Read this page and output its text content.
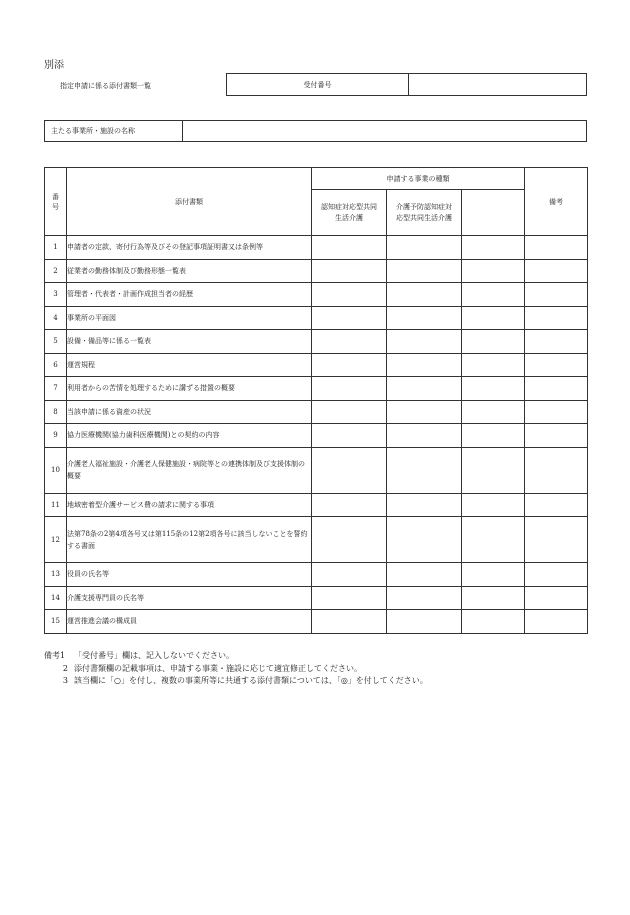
別添
指定申請に係る添付書類一覧	受付番号
主たる事業所・施設の名称
番号	添付書類	申請する事業の種類			備考
		認知症対応型共同生活介護	介護予防認知症対応型共同生活介護		
1	申請者の定款、寄付行為等及びその登記事項証明書又は条例等				
2	従業者の勤務体制及び勤務形態一覧表				
3	管理者・代表者・計画作成担当者の経歴				
4	事業所の平面図				
5	設備・備品等に係る一覧表				
6	運営規程				
7	利用者からの苦情を処理するために講ずる措置の概要				
8	当該申請に係る資産の状況				
9	協力医療機関(協力歯科医療機関)との契約の内容				
10	介護老人福祉施設・介護老人保健施設・病院等との連携体制及び支援体制の概要				
11	地域密着型介護サービス費の請求に関する事項				
12	法第78条の2第4項各号又は第115条の12第2項各号に該当しないことを誓約する書面				
13	役員の氏名等				
14	介護支援専門員の氏名等				
15	運営推進会議の構成員				
備考1 「受付番号」欄は、記入しないでください。
2 添付書類欄の記載事項は、申請する事業・施設に応じて適宜修正してください。
3 該当欄に「○」を付し、複数の事業所等に共通する添付書類については、「◎」を付してください。
